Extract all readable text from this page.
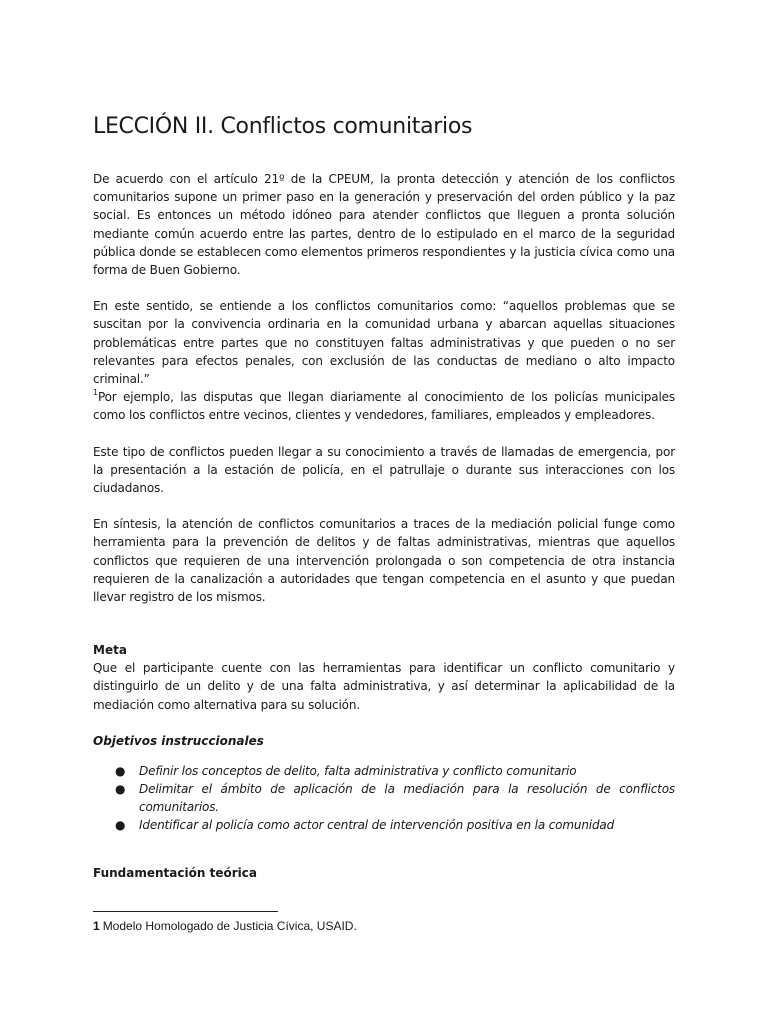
LECCIÓN II. Conflictos comunitarios

De acuerdo con el artículo 21º de la CPEUM, la pronta detección y atención de los conflictos comunitarios supone un primer paso en la generación y preservación del orden público y la paz social. Es entonces un método idóneo para atender conflictos que lleguen a pronta solución mediante común acuerdo entre las partes, dentro de lo estipulado en el marco de la seguridad pública donde se establecen como elementos primeros respondientes y la justicia cívica como una forma de Buen Gobierno.

En este sentido, se entiende a los conflictos comunitarios como: “aquellos problemas que se suscitan por la convivencia ordinaria en la comunidad urbana y abarcan aquellas situaciones problemáticas entre partes que no constituyen faltas administrativas y que pueden o no ser relevantes para efectos penales, con exclusión de las conductas de mediano o alto impacto criminal.”
$^1$Por ejemplo, las disputas que llegan diariamente al conocimiento de los policías municipales como los conflictos entre vecinos, clientes y vendedores, familiares, empleados y empleadores.

Este tipo de conflictos pueden llegar a su conocimiento a través de llamadas de emergencia, por la presentación a la estación de policía, en el patrullaje o durante sus interacciones con los ciudadanos.

En síntesis, la atención de conflictos comunitarios a traces de la mediación policial funge como herramienta para la prevención de delitos y de faltas administrativas, mientras que aquellos conflictos que requieren de una intervención prolongada o son competencia de otra instancia requieren de la canalización a autoridades que tengan competencia en el asunto y que puedan llevar registro de los mismos.

Meta

Que el participante cuente con las herramientas para identificar un conflicto comunitario y distinguirlo de un delito y de una falta administrativa, y así determinar la aplicabilidad de la mediación como alternativa para su solución.

Objetivos instruccionales
● Definir los conceptos de delito, falta administrativa y conflicto comunitario
● Delimitar el ámbito de aplicación de la mediación para la resolución de conflictos comunitarios.
● Identificar al policía como actor central de intervención positiva en la comunidad
Fundamentación teórica
1 Modelo Homologado de Justicia Cívica, USAID.
